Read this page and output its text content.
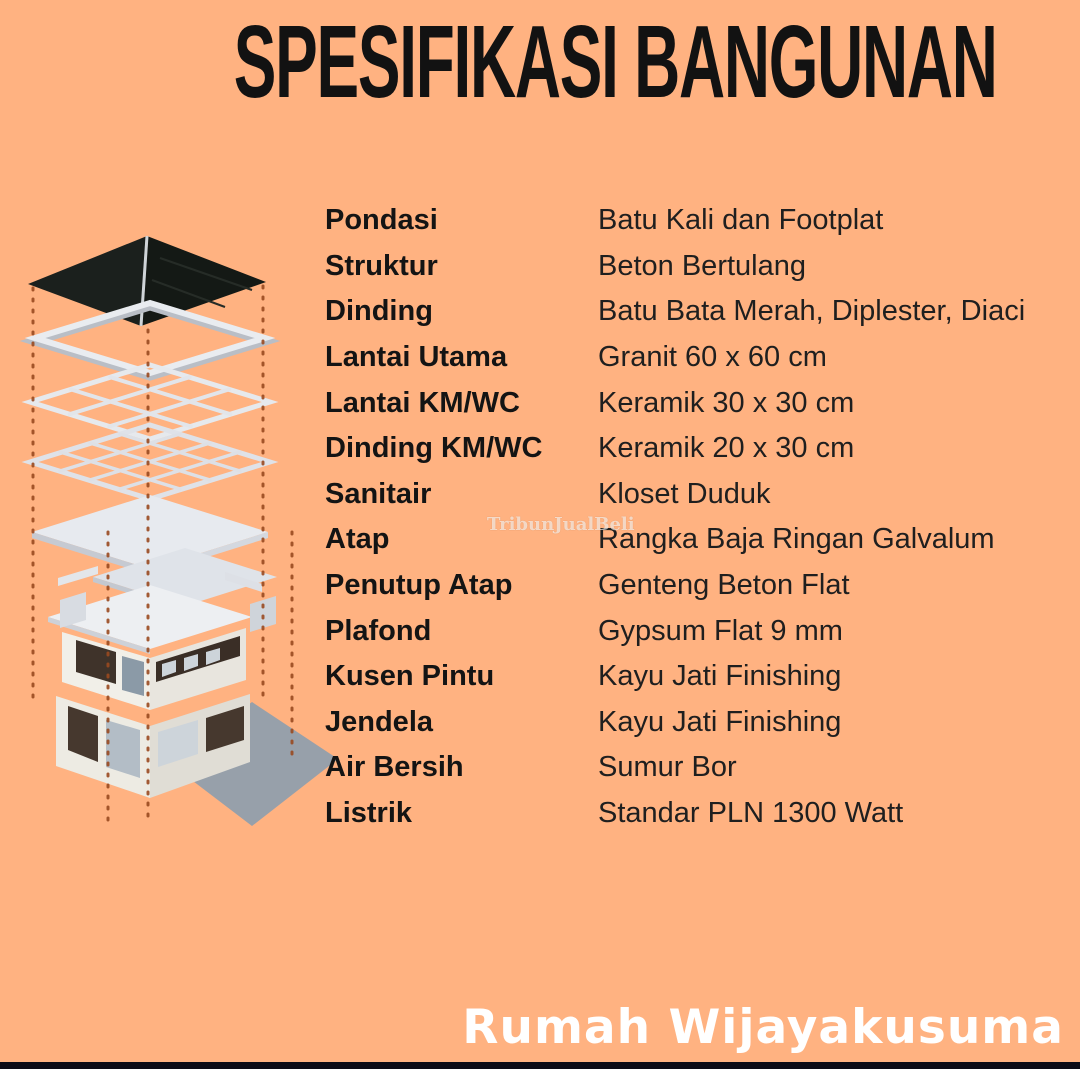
SPESIFIKASI BANGUNAN
Pondasi	Batu Kali dan Footplat
Struktur	Beton Bertulang
Dinding	Batu Bata Merah, Diplester, Diaci
Lantai Utama	Granit 60 x 60 cm
Lantai KM/WC	Keramik 30 x 30 cm
Dinding KM/WC	Keramik 20 x 30 cm
Sanitair	Kloset Duduk
Atap	Rangka Baja Ringan Galvalum
Penutup Atap	Genteng Beton Flat
Plafond	Gypsum Flat 9 mm
Kusen Pintu	Kayu Jati Finishing
Jendela	Kayu Jati Finishing
Air Bersih	Sumur Bor
Listrik	Standar PLN 1300 Watt
TribunJualBeli
Rumah Wijayakusuma
